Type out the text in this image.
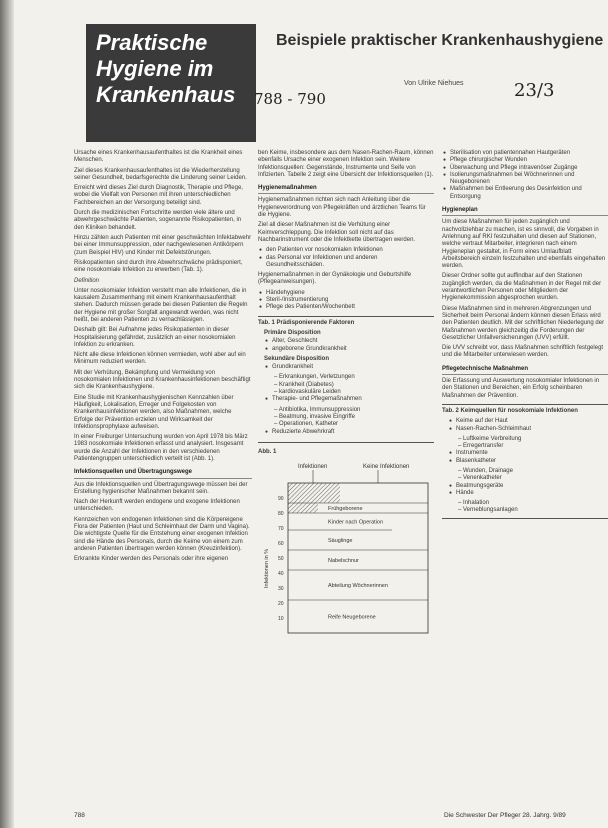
Praktische
Hygiene im
Krankenhaus
Beispiele praktischer Krankenhaushygiene
Von Ulrike Niehues
788 - 790	23/3

Ursache eines Krankenhausaufenthaltes ist die Krankheit eines Menschen.

Ziel dieses Krankenhausaufenthaltes ist die Wiederherstellung seiner Gesundheit, bedarfsgerechte die Linderung seiner Leiden.

Erreicht wird dieses Ziel durch Diagnostik, Therapie und Pflege, wobei die Vielfalt von Personen mit ihren unterschiedlichen Fachbereichen an der Versorgung beteiligt sind.

Durch die medizinischen Fortschritte werden viele ältere und abwehrgeschwächte Patienten, sogenannte Risikopatienten, in den Kliniken behandelt.

Hinzu zählen auch Patienten mit einer geschwächten Infektabwehr bei einer Immunsuppression, oder nachgewiesenen Antikörpern (zum Beispiel HIV) und Kinder mit Defektstörungen.

Risikopatienten sind durch ihre Abwehrschwäche prädisponiert, eine nosokomiale Infektion zu erwerben (Tab. 1).

Definition

Unter nosokomialer Infektion versteht man alle Infektionen, die in kausalem Zusammenhang mit einem Krankenhausaufenthalt stehen. Dadurch müssen gerade bei diesen Patienten die Regeln der Hygiene mit großer Sorgfalt angewandt werden, was nicht heißt, bei anderen Patienten zu vernachlässigen.

Deshalb gilt: Bei Aufnahme jedes Risikopatienten in dieser Hospitalisierung gefährdet, zusätzlich an einer nosokomialen Infektion zu erkranken.

Nicht alle diese Infektionen können vermieden, wohl aber auf ein Minimum reduziert werden.

Mit der Verhütung, Bekämpfung und Vermeidung von nosokomialen Infektionen und Krankenhausinfektionen beschäftigt sich die Krankenhaushygiene.

Eine Studie mit Krankenhaushygienischen Kennzahlen über Häufigkeit, Lokalisation, Erreger und Folgekosten von Krankenhausinfektionen werden, also Maßnahmen, welche Erfolge der Prävention erzielen und Wirksamkeit der Infektionsprophylaxe aufweisen.

In einer Freiburger Untersuchung wurden von April 1978 bis März 1983 nosokomiale Infektionen erfasst und analysiert. Insgesamt wurde die Anzahl der Infektionen in den verschiedenen Patientengruppen unterschiedlich verteilt ist (Abb. 1).

Infektionsquellen und Übertragungswege

Aus die Infektionsquellen und Übertragungswege müssen bei der Erstellung hygienischer Maßnahmen bekannt sein.

Nach der Herkunft werden endogene und exogene Infektionen unterschieden.

Kennzeichen von endogenen Infektionen sind die Körpereigene Flora der Patienten (Haut und Schleimhaut der Darm und Vagina). Die wichtigste Quelle für die Entstehung einer exogenen Infektion sind die Hände des Personals, durch die Keime von einem zum anderen Patienten übertragen werden können (Kreuzinfektion).

Erkrankte Kinder werden des Personals oder ihre eigenen

ben Keime, insbesondere aus dem Nasen-Rachen-Raum, können ebenfalls Ursache einer exogenen Infektion sein. Weitere Infektionsquellen: Gegenstände, Instrumente und Seife von Infizierten. Tabelle 2 zeigt eine Übersicht der Infektionsquellen (1).

Hygienemaßnahmen

Hygienemaßnahmen richten sich nach Anleitung über die Hygieneverordnung von Pflegekräften und ärztlichen Teams für die Hygiene.

Ziel all dieser Maßnahmen ist die Verhütung einer Keimverschleppung. Die Infektion soll nicht auf das Nachbarinstrument oder die Infektkette übertragen werden.

● den Patienten vor nosokomialen Infektionen
● das Personal vor Infektionen und anderen Gesundheitsschäden.

Hygienemaßnahmen in der Gynäkologie und Geburtshilfe (Pflegeanweisungen).

● Händehygiene
● Steril-/Instrumentierung
● Pflege des Patienten/Wochenbett
Tab. 1 Prädisponierende Faktoren
Primäre Disposition
● Alter, Geschlecht
● angeborene Grundkrankheit
Sekundäre Disposition
● Grundkrankheit
– Erkrankungen, Verletzungen
– Krankheit (Diabetes)
– kardiovaskuläre Leiden
● Therapie- und Pflegemaßnahmen
– Antibiotika, Immunsuppression
– Beatmung, invasive Eingriffe
– Operationen, Katheter
● Reduzierte Abwehrkraft
Abb. 1
Infektionen	Keine Infektionen
Frühgeborene
Kinder nach Operation
Säuglinge
Nabelschnur
Abteilung Wöchnerinnen
Reife Neugeborene
Infektionen in %
10
20
30
40
50
60
70
80
90
● Sterilisation von patientennahen Hautgeräten
● Pflege chirurgischer Wunden
● Überwachung und Pflege intravenöser Zugänge
● Isolierungsmaßnahmen bei Wöchnerinnen und Neugeborenen
● Maßnahmen bei Entleerung des Desinfektion und Entsorgung
Hygieneplan

Um diese Maßnahmen für jeden zugänglich und nachvollziehbar zu machen, ist es sinnvoll, die Vorgaben in Anlehnung auf RKI festzuhalten und diesen auf Stationen, welche vertraut Mitarbeiter, integrieren nach einem Hygieneplan gestaltet, in Form eines Umlaufblatt Arbeitsbereich einzeln festzuhalten und ebenfalls eingehalten werden.

Dieser Ordner sollte gut auffindbar auf den Stationen zugänglich werden, da die Maßnahmen in der Regel mit der verantwortlichen Personen oder Mitgliedern der Hygienekommission abgesprochen wurden.

Diese Maßnahmen sind in mehreren Abgrenzungen und Sicherheit beim Personal ändern können diesen Erlass wird den Patienten deutlich. Mit der schriftlichen Niederlegung der Maßnahmen werden gleichzeitig die Forderungen der Gesetzlicher Unfallversicherungen (UVV) erfüllt.

Die UVV schreibt vor, dass Maßnahmen schriftlich festgelegt und die Mitarbeiter unterwiesen werden.

Pflegetechnische Maßnahmen

Die Erfassung und Auswertung nosokomialer Infektionen in den Stationen und Bereichen, ein Erfolg scheinbaren Maßnahmen der Prävention.

Tab. 2 Keimquellen für nosokomiale Infektionen
● Keime auf der Haut
● Nasen-Rachen-Schleimhaut
– Luftkeime Verbreitung
– Erregertransfer
● Instrumente
● Blasenkatheter
– Wunden, Drainage
– Venenkatheter
● Beatmungsgeräte
● Hände
– Inhalation
– Verneblungsanlagen
788	Die Schwester Der Pfleger 28. Jahrg. 9/89
